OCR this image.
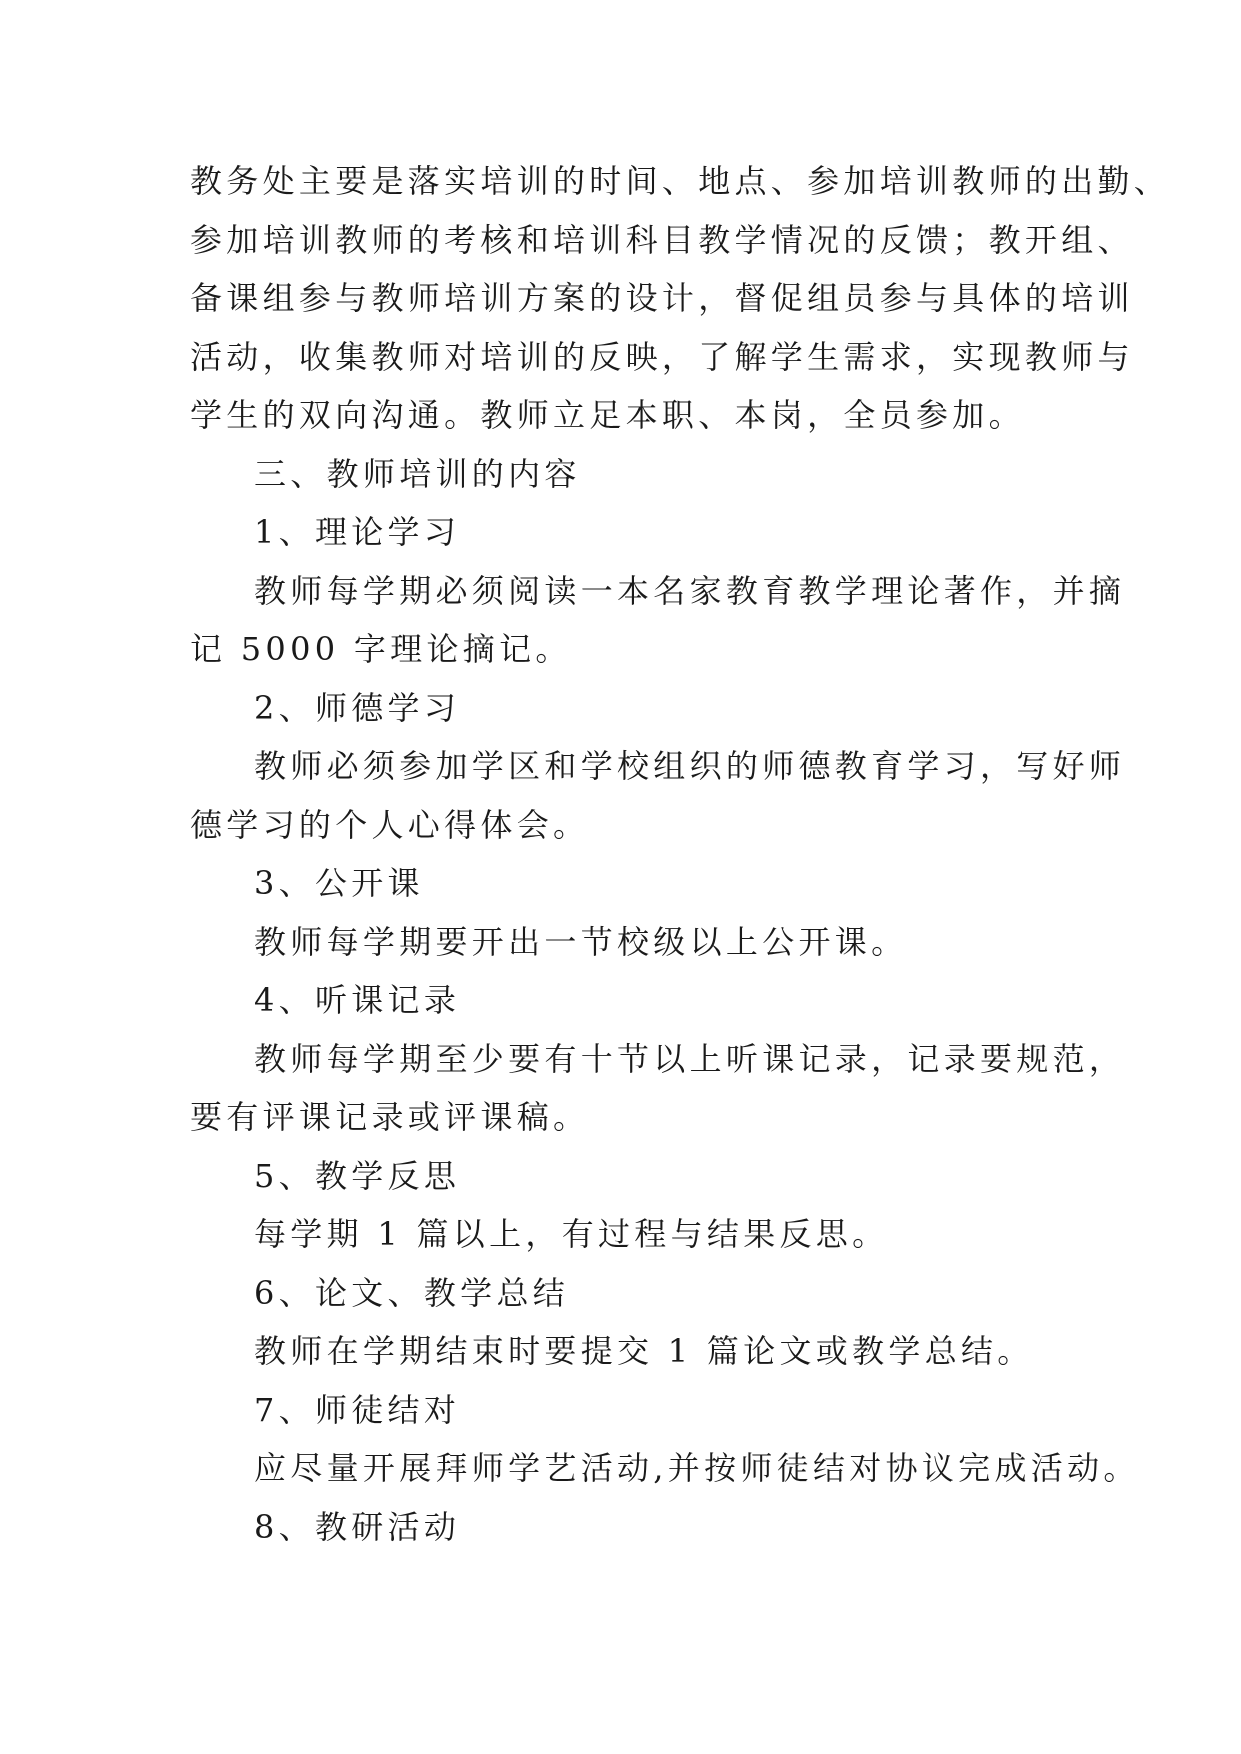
教务处主要是落实培训的时间、地点、参加培训教师的出勤、
参加培训教师的考核和培训科目教学情况的反馈；教开组、
备课组参与教师培训方案的设计，督促组员参与具体的培训
活动，收集教师对培训的反映，了解学生需求，实现教师与
学生的双向沟通。教师立足本职、本岗，全员参加。
三、教师培训的内容
1、理论学习
教师每学期必须阅读一本名家教育教学理论著作，并摘
记 5000 字理论摘记。
2、师德学习
教师必须参加学区和学校组织的师德教育学习，写好师
德学习的个人心得体会。
3、公开课
教师每学期要开出一节校级以上公开课。
4、听课记录
教师每学期至少要有十节以上听课记录，记录要规范，
要有评课记录或评课稿。
5、教学反思
每学期 1 篇以上，有过程与结果反思。
6、论文、教学总结
教师在学期结束时要提交 1 篇论文或教学总结。
7、师徒结对
应尽量开展拜师学艺活动,并按师徒结对协议完成活动。
8、教研活动
